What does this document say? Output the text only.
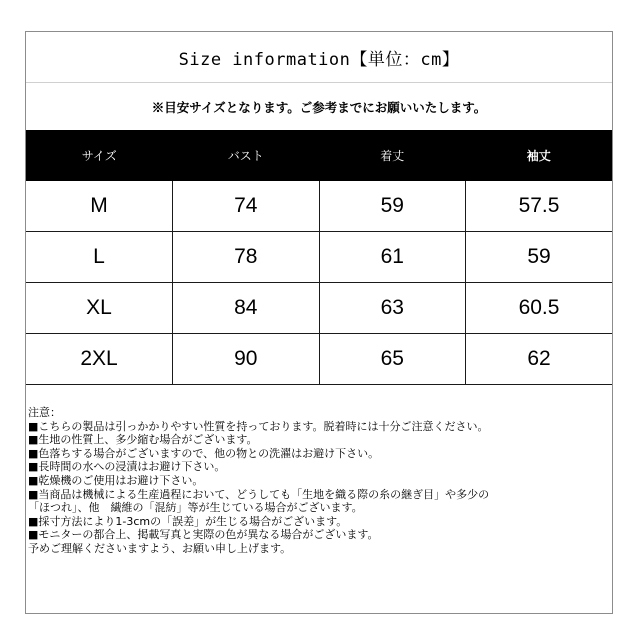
Size information【単位：cm】
※目安サイズとなります。ご参考までにお願いいたします。
サイズ	バスト	着丈	袖丈
M	74	59	57.5
L	78	61	59
XL	84	63	60.5
2XL	90	65	62
注意：
■こちらの製品は引っかかりやすい性質を持っております。脱着時には十分ご注意ください。
■生地の性質上、多少縮む場合がございます。
■色落ちする場合がございますので、他の物との洗濯はお避け下さい。
■長時間の水への浸漬はお避け下さい。
■乾燥機のご使用はお避け下さい。
■当商品は機械による生産過程において、どうしても「生地を織る際の糸の継ぎ目」や多少の
「ほつれ」、他　繊維の「混紡」等が生じている場合がございます。
■採寸方法により1-3cmの「誤差」が生じる場合がございます。
■モニターの都合上、掲載写真と実際の色が異なる場合がございます。
予めご理解くださいますよう、お願い申し上げます。
